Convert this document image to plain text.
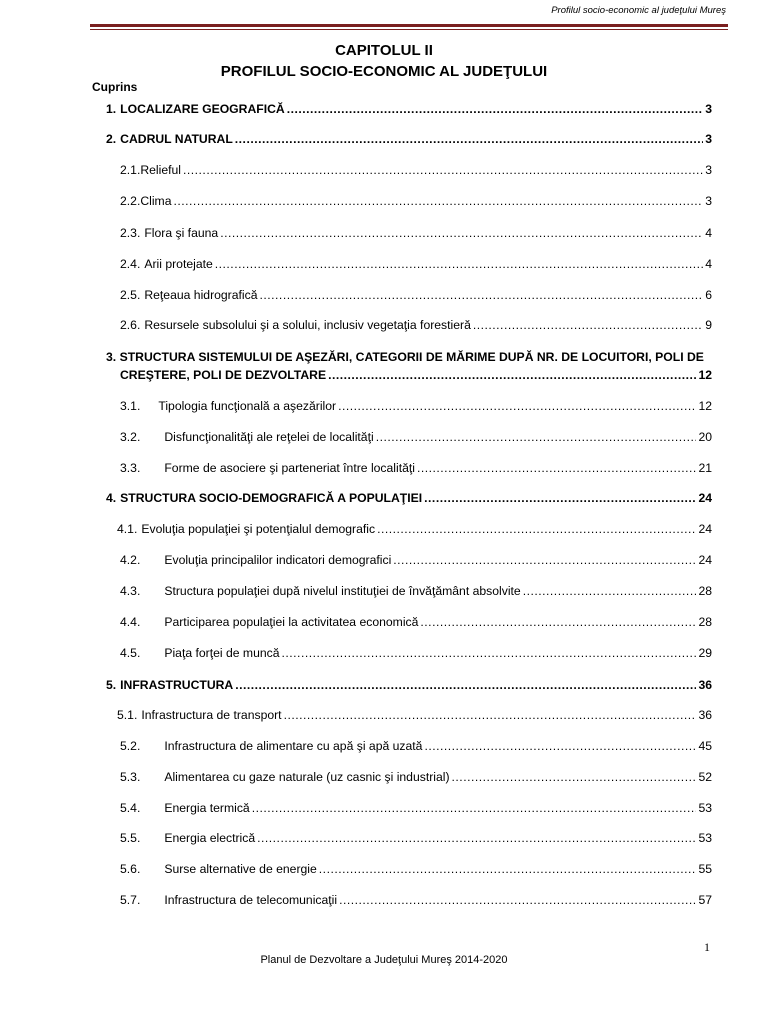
Profilul socio-economic al judeţului Mureş
CAPITOLUL II
PROFILUL SOCIO-ECONOMIC AL JUDEŢULUI
Cuprins
1. LOCALIZARE GEOGRAFICĂ .....	3
2. CADRUL NATURAL .....	3
2.1. Relieful .....	3
2.2. Clima .....	3
2.3. Flora şi fauna .....	4
2.4. Arii protejate .....	4
2.5. Reţeaua hidrografică .....	6
2.6. Resursele subsolului şi a solului, inclusiv vegetaţia forestieră .....	9
3. STRUCTURA SISTEMULUI DE AŞEZĂRI, CATEGORII DE MĂRIME DUPĂ NR. DE LOCUITORI, POLI DE
CREŞTERE, POLI DE DEZVOLTARE .....	12
3.1. Tipologia funcţională a aşezărilor .....	12
3.2. Disfuncţionalităţi ale reţelei de localităţi .....	20
3.3. Forme de asociere şi parteneriat între localităţi .....	21
4. STRUCTURA SOCIO-DEMOGRAFICĂ A POPULAŢIEI .....	24
4.1. Evoluţia populaţiei şi potenţialul demografic .....	24
4.2. Evoluţia principalilor indicatori demografici .....	24
4.3. Structura populaţiei după nivelul instituţiei de învăţământ absolvite .....	28
4.4. Participarea populaţiei la activitatea economică .....	28
4.5. Piaţa forţei de muncă .....	29
5. INFRASTRUCTURA .....	36
5.1. Infrastructura de transport .....	36
5.2. Infrastructura de alimentare cu apă şi apă uzată .....	45
5.3. Alimentarea cu gaze naturale (uz casnic şi industrial) .....	52
5.4. Energia termică .....	53
5.5. Energia electrică .....	53
5.6. Surse alternative de energie .....	55
5.7. Infrastructura de telecomunicaţii .....	57
1
Planul de Dezvoltare a Judeţului Mureş 2014-2020
